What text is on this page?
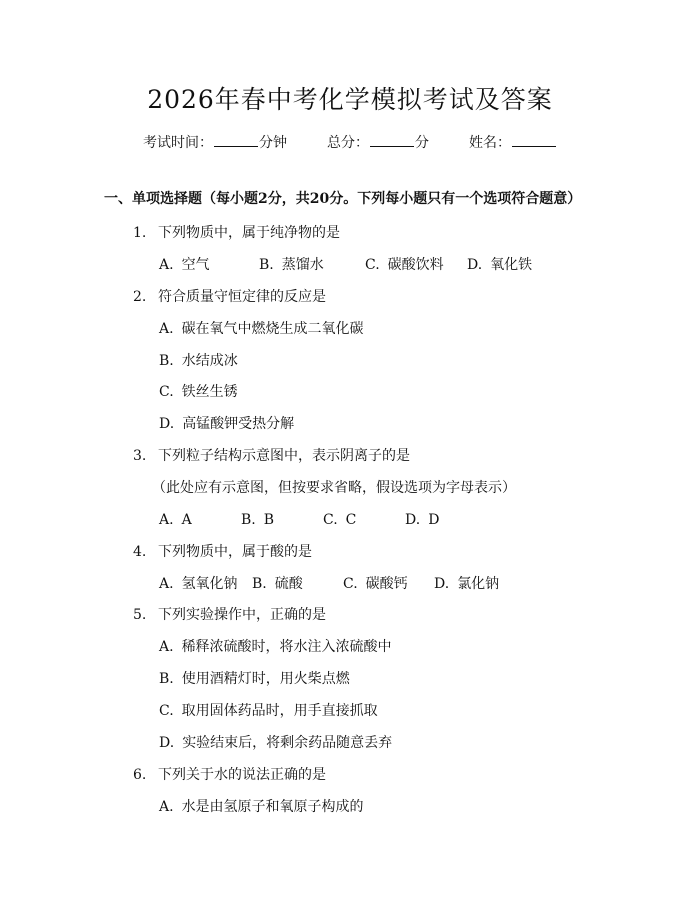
2026年春中考化学模拟考试及答案
考试时间：	分钟	总分：	分	姓名：
一、单项选择题（每小题2分，共20分。下列每小题只有一个选项符合题意）
1. 下列物质中，属于纯净物的是
A. 空气	B. 蒸馏水	C. 碳酸饮料 D. 氧化铁
2. 符合质量守恒定律的反应是
A. 碳在氧气中燃烧生成二氧化碳
B. 水结成冰
C. 铁丝生锈
D. 高锰酸钾受热分解
3. 下列粒子结构示意图中，表示阴离子的是
（此处应有示意图，但按要求省略，假设选项为字母表示）
A. A	B. B	C. C	D. D
4. 下列物质中，属于酸的是
A. 氢氧化钠 B. 硫酸	C. 碳酸钙 D. 氯化钠
5. 下列实验操作中，正确的是
A. 稀释浓硫酸时，将水注入浓硫酸中
B. 使用酒精灯时，用火柴点燃
C. 取用固体药品时，用手直接抓取
D. 实验结束后，将剩余药品随意丢弃
6. 下列关于水的说法正确的是
A. 水是由氢原子和氧原子构成的
